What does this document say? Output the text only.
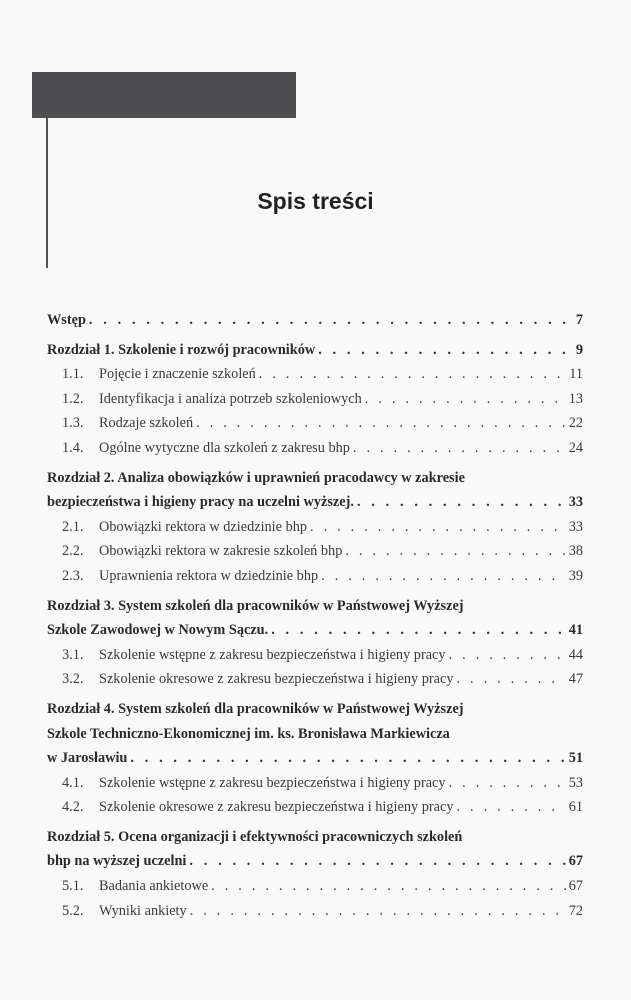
Spis treści
Wstęp . . .	7
Rozdział 1. Szkolenie i rozwój pracowników . . .	9
1.1.	Pojęcie i znaczenie szkoleń . . .	11
1.2.	Identyfikacja i analiza potrzeb szkoleniowych . . .	13
1.3.	Rodzaje szkoleń . . .	22
1.4.	Ogólne wytyczne dla szkoleń z zakresu bhp . . .	24
Rozdział 2. Analiza obowiązków i uprawnień pracodawcy w zakresie
bezpieczeństwa i higieny pracy na uczelni wyższej. . . .	33
2.1.	Obowiązki rektora w dziedzinie bhp . . .	33
2.2.	Obowiązki rektora w zakresie szkoleń bhp . . .	38
2.3.	Uprawnienia rektora w dziedzinie bhp . . .	39
Rozdział 3. System szkoleń dla pracowników w Państwowej Wyższej
Szkole Zawodowej w Nowym Sączu. . . .	41
3.1.	Szkolenie wstępne z zakresu bezpieczeństwa i higieny pracy . . .	44
3.2.	Szkolenie okresowe z zakresu bezpieczeństwa i higieny pracy . . .	47
Rozdział 4. System szkoleń dla pracowników w Państwowej Wyższej
Szkole Techniczno-Ekonomicznej im. ks. Bronisława Markiewicza
w Jarosławiu . . .	51
4.1.	Szkolenie wstępne z zakresu bezpieczeństwa i higieny pracy . . .	53
4.2.	Szkolenie okresowe z zakresu bezpieczeństwa i higieny pracy . . .	61
Rozdział 5. Ocena organizacji i efektywności pracowniczych szkoleń
bhp na wyższej uczelni . . .	67
5.1.	Badania ankietowe . . .	67
5.2.	Wyniki ankiety . . .	72
